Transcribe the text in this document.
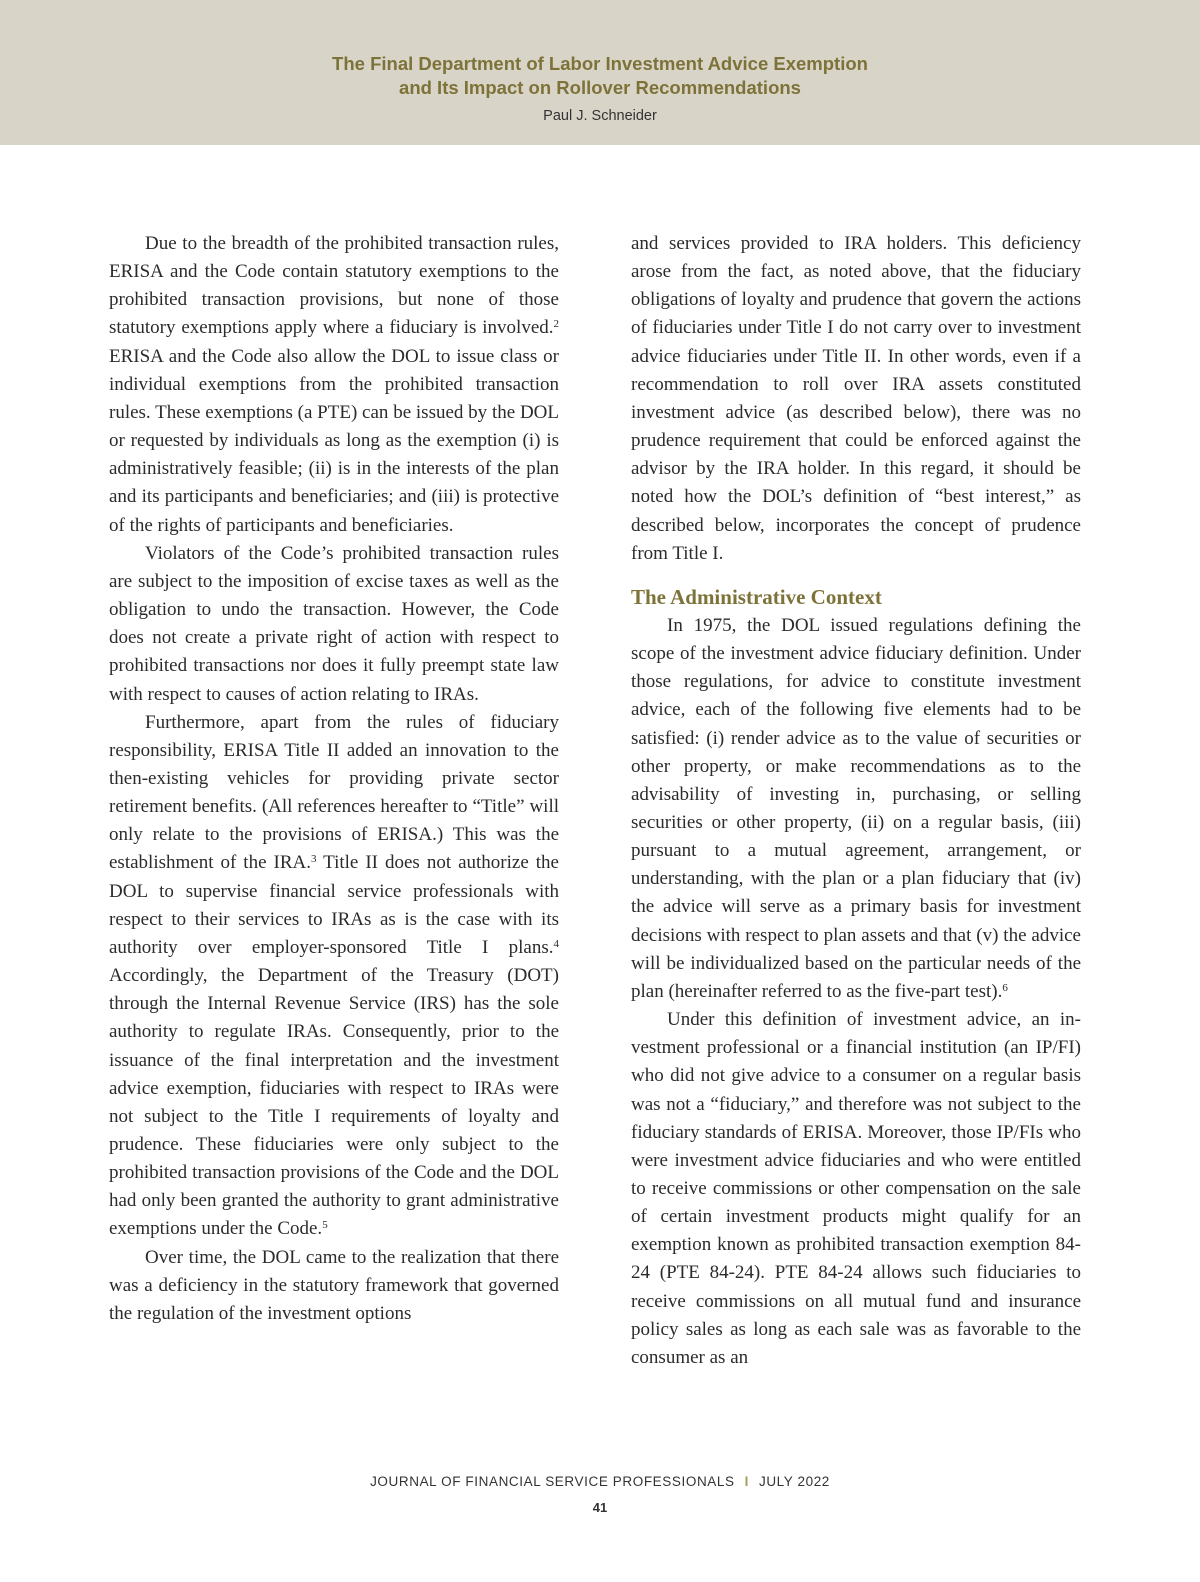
The Final Department of Labor Investment Advice Exemption
and Its Impact on Rollover Recommendations
Paul J. Schneider

Due to the breadth of the prohibited transaction rules, ERISA and the Code contain statutory exemptions to the prohibited transaction provisions, but none of those statutory exemptions apply where a fiduciary is involved.$^2$ ERISA and the Code also allow the DOL to issue class or individual exemptions from the prohibited transaction rules. These exemptions (a PTE) can be issued by the DOL or requested by individuals as long as the exemption (i) is administratively feasible; (ii) is in the interests of the plan and its participants and beneficiaries; and (iii) is protective of the rights of participants and beneficiaries.

Violators of the Code’s prohibited transaction rules are subject to the imposition of excise taxes as well as the obligation to undo the transaction. However, the Code does not create a private right of action with respect to prohibited transactions nor does it fully preempt state law with respect to causes of action relating to IRAs.

Furthermore, apart from the rules of fiduciary responsibility, ERISA Title II added an innovation to the then-existing vehicles for providing private sector retirement benefits. (All references hereafter to “Title” will only relate to the provisions of ERISA.) This was the establishment of the IRA.$^3$ Title II does not authorize the DOL to supervise financial service professionals with respect to their services to IRAs as is the case with its authority over employer-sponsored Title I plans.$^4$ Accordingly, the Department of the Treasury (DOT) through the Internal Revenue Service (IRS) has the sole authority to regulate IRAs. Consequently, prior to the issuance of the final interpretation and the investment advice exemption, fiduciaries with respect to IRAs were not subject to the Title I requirements of loyalty and prudence. These fiduciaries were only subject to the prohibited transaction provisions of the Code and the DOL had only been granted the authority to grant administrative exemptions under the Code.$^5$

Over time, the DOL came to the realization that there was a deficiency in the statutory framework that governed the regulation of the investment options

and services provided to IRA holders. This deficiency arose from the fact, as noted above, that the fiduciary obligations of loyalty and prudence that govern the actions of fiduciaries under Title I do not carry over to investment advice fiduciaries under Title II. In other words, even if a recommendation to roll over IRA assets constituted investment advice (as described below), there was no prudence requirement that could be enforced against the advisor by the IRA holder. In this regard, it should be noted how the DOL’s definition of “best interest,” as described below, incorporates the concept of prudence from Title I.

The Administrative Context

In 1975, the DOL issued regulations defining the scope of the investment advice fiduciary definition. Under those regulations, for advice to constitute investment advice, each of the following five elements had to be satisfied: (i) render advice as to the value of securities or other property, or make recommendations as to the advisability of investing in, purchasing, or selling securities or other property, (ii) on a regular basis, (iii) pursuant to a mutual agreement, arrangement, or understanding, with the plan or a plan fiduciary that (iv) the advice will serve as a primary basis for investment decisions with respect to plan assets and that (v) the advice will be individualized based on the particular needs of the plan (hereinafter referred to as the five-part test).$^6$

Under this definition of investment advice, an investment professional or a financial institution (an IP/FI) who did not give advice to a consumer on a regular basis was not a “fiduciary,” and therefore was not subject to the fiduciary standards of ERISA. Moreover, those IP/FIs who were investment advice fiduciaries and who were entitled to receive commissions or other compensation on the sale of certain investment products might qualify for an exemption known as prohibited transaction exemption 84-24 (PTE 84-24). PTE 84-24 allows such fiduciaries to receive commissions on all mutual fund and insurance policy sales as long as each sale was as favorable to the consumer as an

JOURNAL OF FINANCIAL SERVICE PROFESSIONALS I JULY 2022
41
